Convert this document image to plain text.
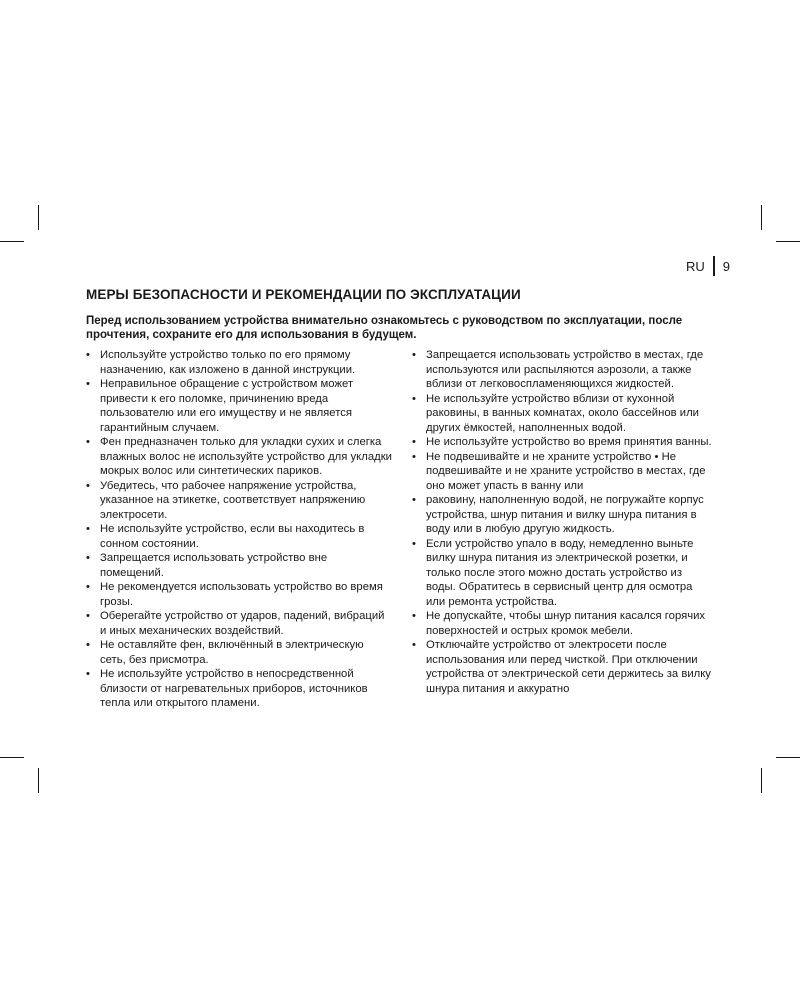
RU 9
МЕРЫ БЕЗОПАСНОСТИ И РЕКОМЕНДАЦИИ ПО ЭКСПЛУАТАЦИИ
Перед использованием устройства внимательно ознакомьтесь с руководством по эксплуатации, после прочтения, сохраните его для использования в будущем.
• Используйте устройство только по его прямому назначению, как изложено в данной инструкции.
• Неправильное обращение с устройством может привести к его поломке, причинению вреда пользователю или его имуществу и не является гарантийным случаем.
• Фен предназначен только для укладки сухих и слегка влажных волос не используйте устройство для укладки мокрых волос или синтетических париков.
• Убедитесь, что рабочее напряжение устройства, указанное на этикетке, соответствует напряжению электросети.
• Не используйте устройство, если вы находитесь в сонном состоянии.
• Запрещается использовать устройство вне помещений.
• Не рекомендуется использовать устройство во время грозы.
• Оберегайте устройство от ударов, падений, вибраций и иных механических воздействий.
• Не оставляйте фен, включённый в электрическую сеть, без присмотра.
• Не используйте устройство в непосредственной близости от нагревательных приборов, источников тепла или открытого пламени.
• Запрещается использовать устройство в местах, где используются или распыляются аэрозоли, а также вблизи от легковоспламеняющихся жидкостей.
• Не используйте устройство вблизи от кухонной раковины, в ванных комнатах, около бассейнов или других ёмкостей, наполненных водой.
• Не используйте устройство во время принятия ванны.
• Не подвешивайте и не храните устройство • Не подвешивайте и не храните устройство в местах, где оно может упасть в ванну или
• раковину, наполненную водой, не погружайте корпус устройства, шнур питания и вилку шнура питания в воду или в любую другую жидкость.
• Если устройство упало в воду, немедленно выньте вилку шнура питания из электрической розетки, и только после этого можно достать устройство из воды. Обратитесь в сервисный центр для осмотра или ремонта устройства.
• Не допускайте, чтобы шнур питания касался горячих поверхностей и острых кромок мебели.
• Отключайте устройство от электросети после использования или перед чисткой. При отключении устройства от электрической сети держитесь за вилку шнура питания и аккуратно
